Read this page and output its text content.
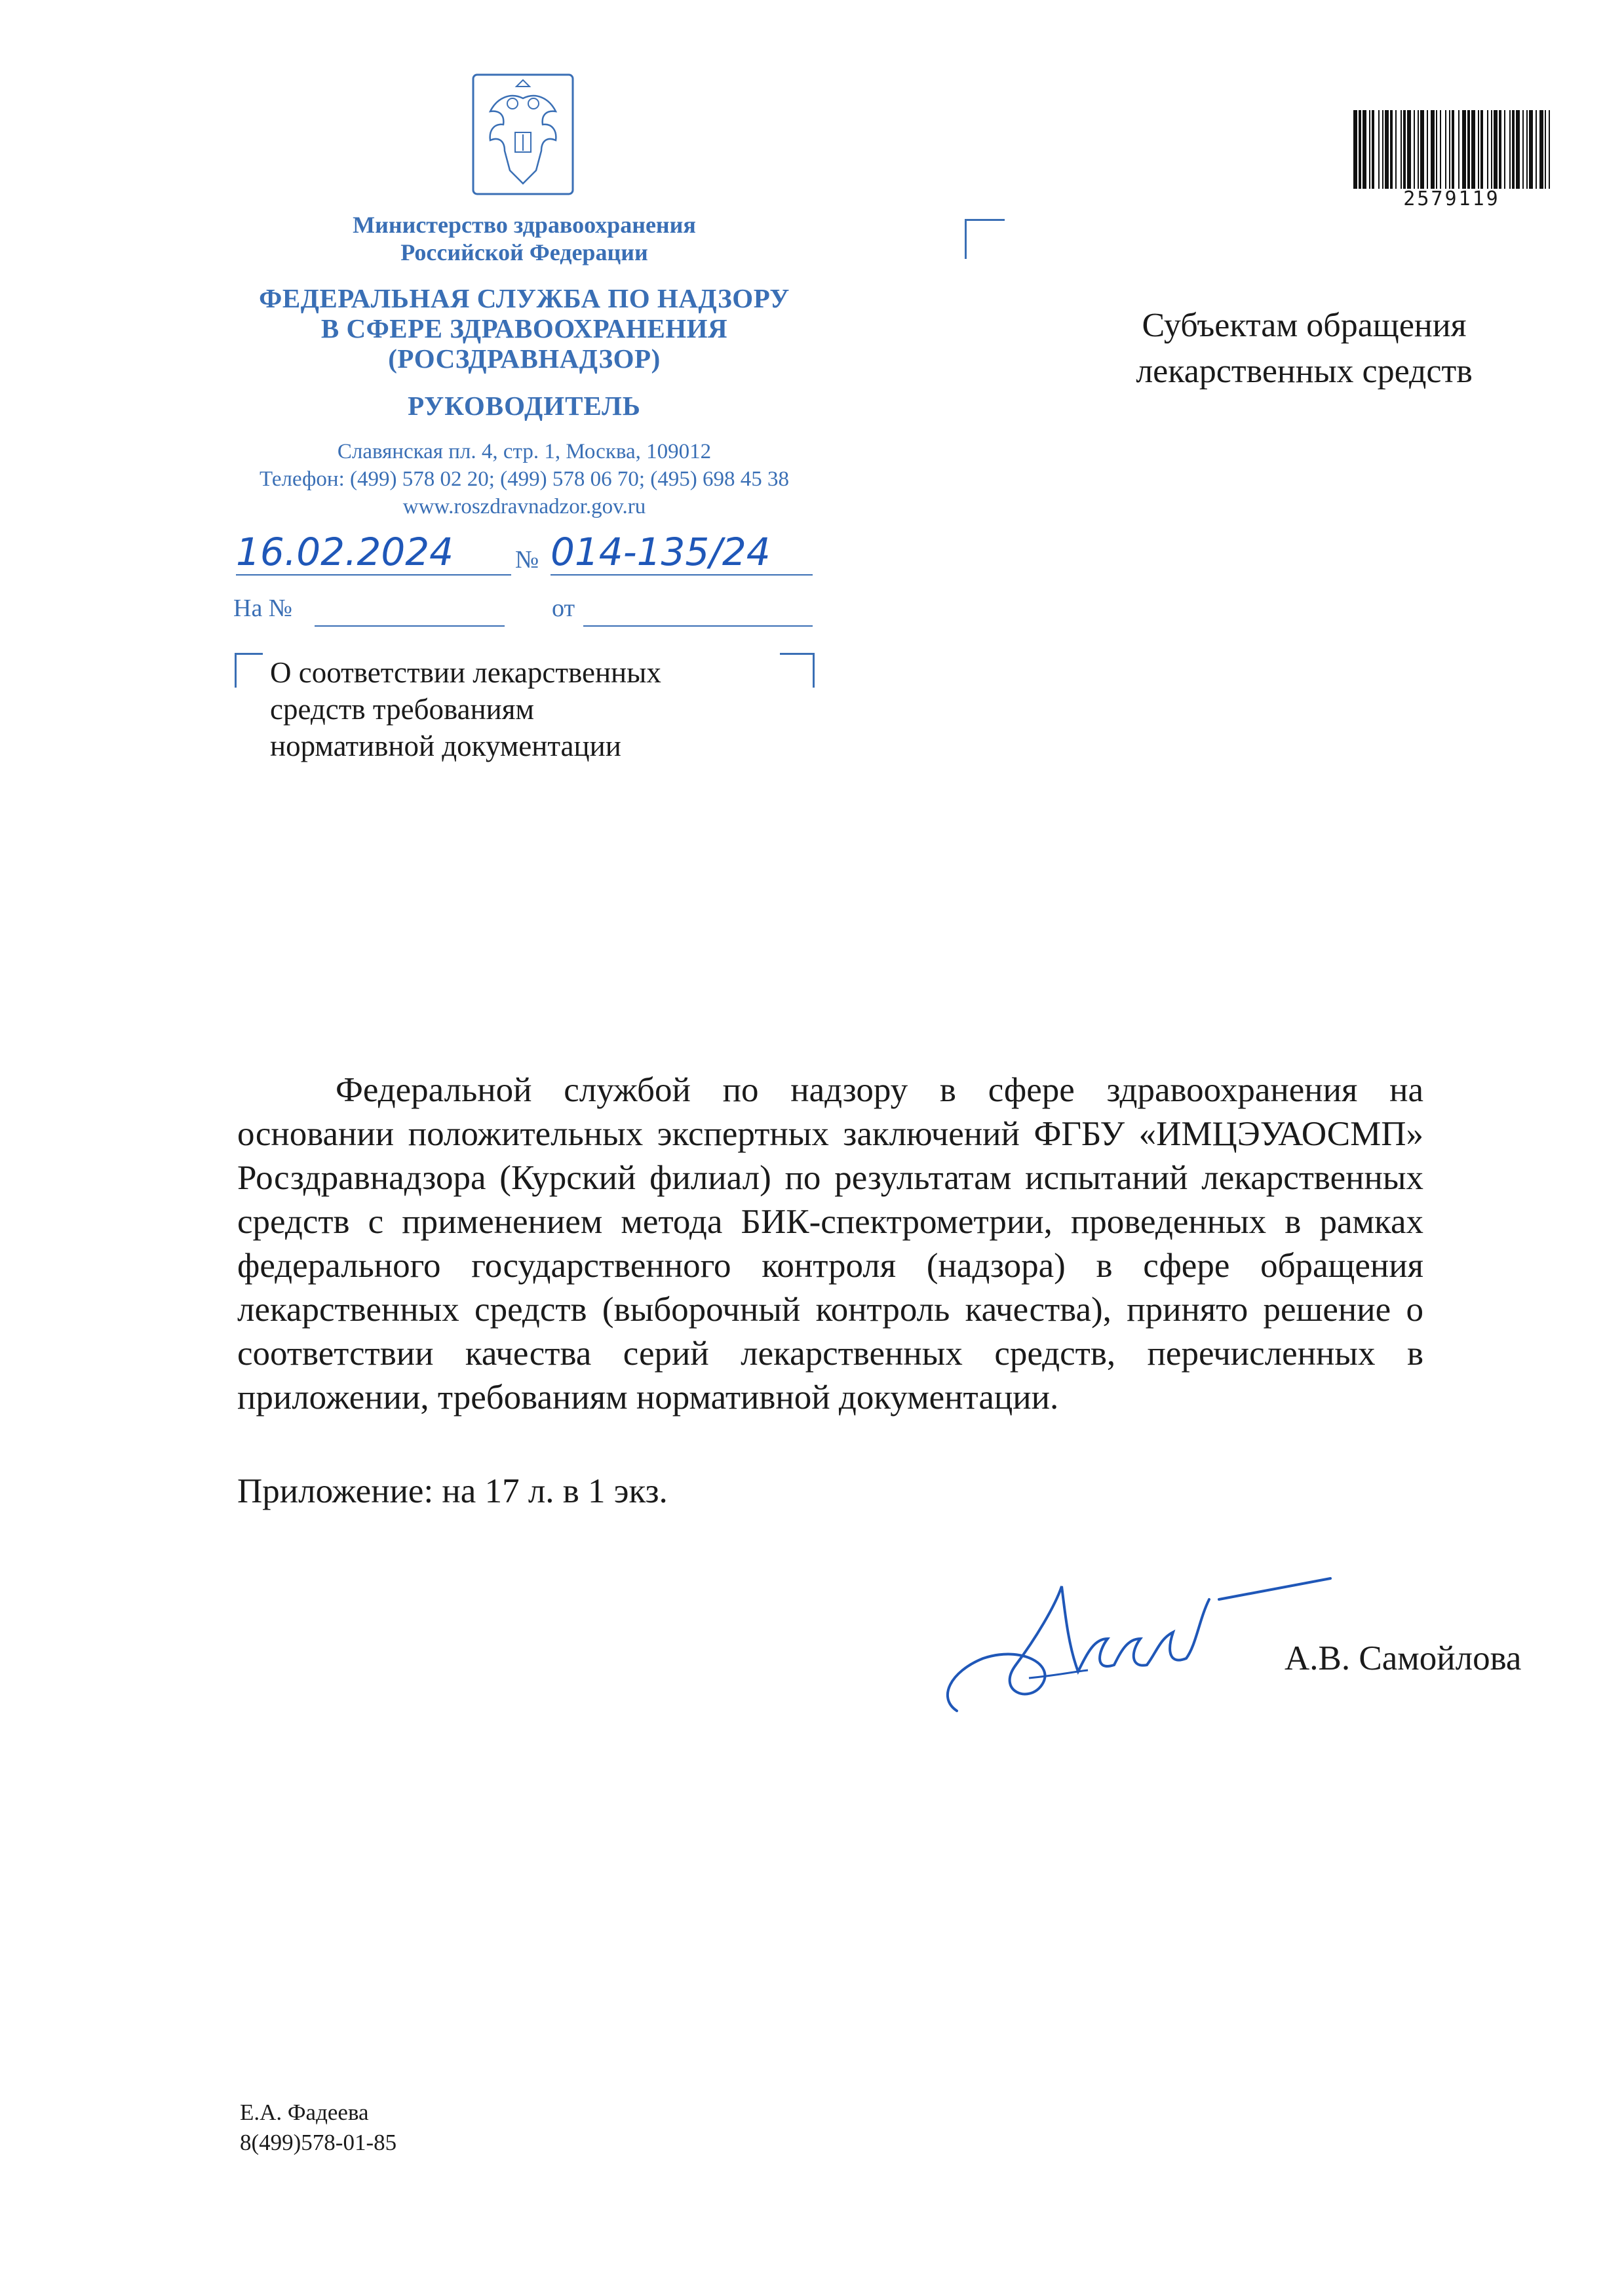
Министерство здравоохранения
Российской Федерации
ФЕДЕРАЛЬНАЯ СЛУЖБА ПО НАДЗОРУ
В СФЕРЕ ЗДРАВООХРАНЕНИЯ
(РОСЗДРАВНАДЗОР)
РУКОВОДИТЕЛЬ
Славянская пл. 4, стр. 1, Москва, 109012
Телефон: (499) 578 02 20; (499) 578 06 70; (495) 698 45 38
www.roszdravnadzor.gov.ru
16.02.2024 № 014-135/24
На №	от
О соответствии лекарственных
средств требованиям
нормативной документации
Субъектам обращения
лекарственных средств
2579119
Федеральной службой по надзору в сфере здравоохранения на основании положительных экспертных заключений ФГБУ «ИМЦЭУАОСМП» Росздравнадзора (Курский филиал) по результатам испытаний лекарственных средств с применением метода БИК-спектрометрии, проведенных в рамках федерального государственного контроля (надзора) в сфере обращения лекарственных средств (выборочный контроль качества), принято решение о соответствии качества серий лекарственных средств, перечисленных в приложении, требованиям нормативной документации.
Приложение: на 17 л. в 1 экз.
А.В. Самойлова
Е.А. Фадеева
8(499)578-01-85
